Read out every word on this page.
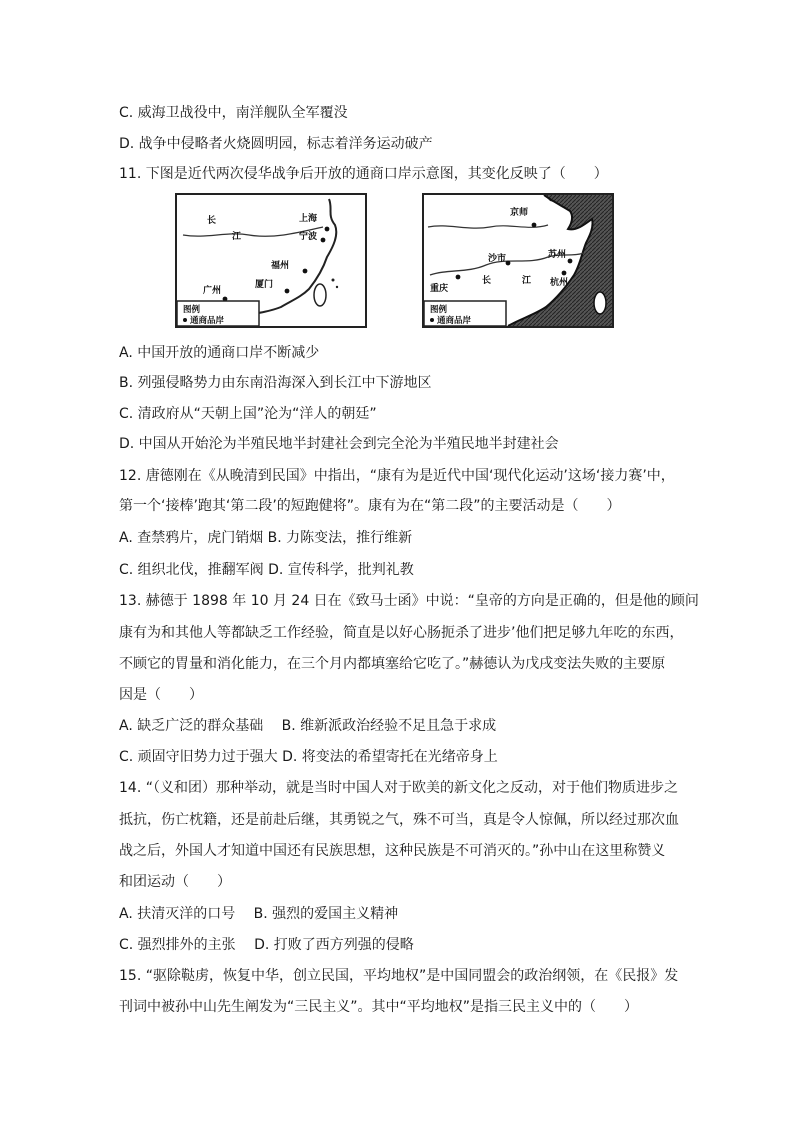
C. 威海卫战役中，南洋舰队全军覆没
D. 战争中侵略者火烧圆明园，标志着洋务运动破产
11. 下图是近代两次侵华战争后开放的通商口岸示意图，其变化反映了（　　）
长
江
上海
宁波
福州
广州
厦门
图例
通商品岸
京师
苏州
沙市
杭州
重庆
长	江
图例
通商品岸
A. 中国开放的通商口岸不断减少
B. 列强侵略势力由东南沿海深入到长江中下游地区
C. 清政府从“天朝上国”沦为“洋人的朝廷”
D. 中国从开始沦为半殖民地半封建社会到完全沦为半殖民地半封建社会
12. 唐德刚在《从晚清到民国》中指出，“康有为是近代中国‘现代化运动’这场‘接力赛’中，
第一个‘接棒’跑其‘第二段’的短跑健将”。康有为在“第二段”的主要活动是（　　）
A. 查禁鸦片，虎门销烟 B. 力陈变法，推行维新
C. 组织北伐，推翻军阀 D. 宣传科学，批判礼教
13. 赫德于 1898 年 10 月 24 日在《致马士函》中说：“皇帝的方向是正确的，但是他的顾问
康有为和其他人等都缺乏工作经验，简直是以好心肠扼杀了进步’他们把足够九年吃的东西，
不顾它的胃量和消化能力，在三个月内都填塞给它吃了。”赫德认为戊戌变法失败的主要原
因是（　　）
A. 缺乏广泛的群众基础　 B. 维新派政治经验不足且急于求成
C. 顽固守旧势力过于强大 D. 将变法的希望寄托在光绪帝身上
14. “（义和团）那种举动，就是当时中国人对于欧美的新文化之反动，对于他们物质进步之
抵抗，伤亡枕籍，还是前赴后继，其勇锐之气，殊不可当，真是令人惊佩，所以经过那次血
战之后，外国人才知道中国还有民族思想，这种民族是不可消灭的。”孙中山在这里称赞义
和团运动（　　）
A. 扶清灭洋的口号　 B. 强烈的爱国主义精神
C. 强烈排外的主张　 D. 打败了西方列强的侵略
15. “驱除鞑虏，恢复中华，创立民国，平均地权”是中国同盟会的政治纲领，在《民报》发
刊词中被孙中山先生阐发为“三民主义”。其中“平均地权”是指三民主义中的（　　）
